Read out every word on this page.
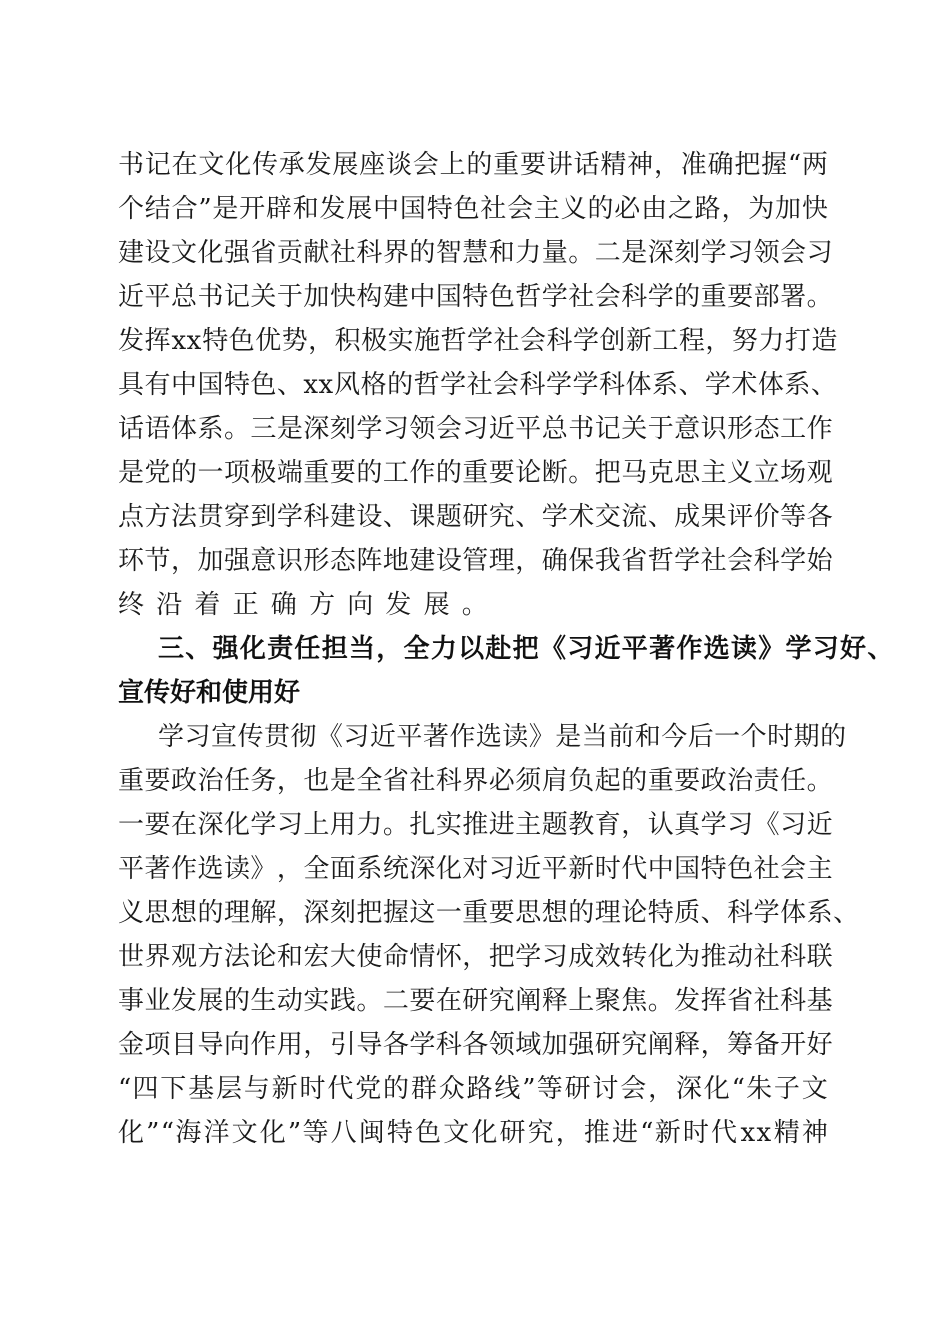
书​ 记​ 在​ 文​ 化​ 传​ 承​ 发​ 展​ 座​ 谈​ 会​ 上​ 的​ 重​ 要​ 讲​ 话​ 精​ 神​ ，​ 准​ 确​ 把​ 握​ “​ 两
个​ 结​ 合​ ”​ 是​ 开​ 辟​ 和​ 发​ 展​ 中​ 国​ 特​ 色​ 社​ 会​ 主​ 义​ 的​ 必​ 由​ 之​ 路​ ，​ 为​ 加​ 快
建​ 设​ 文​ 化​ 强​ 省​ 贡​ 献​ 社​ 科​ 界​ 的​ 智​ 慧​ 和​ 力​ 量​ 。​ 二​ 是​ 深​ 刻​ 学​ 习​ 领​ 会​ 习
近​ 平​ 总​ 书​ 记​ 关​ 于​ 加​ 快​ 构​ 建​ 中​ 国​ 特​ 色​ 哲​ 学​ 社​ 会​ 科​ 学​ 的​ 重​ 要​ 部​ 署​ 。
发​ 挥​ ​ x​ x​ ​ 特​ 色​ 优​ 势​ ，​ 积​ 极​ 实​ 施​ 哲​ 学​ 社​ 会​ 科​ 学​ 创​ 新​ 工​ 程​ ，​ 努​ 力​ 打​ 造
具​ 有​ 中​ 国​ 特​ 色​ 、​ x​ x​ ​ 风​ 格​ 的​ 哲​ 学​ 社​ 会​ 科​ 学​ 学​ 科​ 体​ 系​ 、​ 学​ 术​ 体​ 系​ 、
话​ 语​ 体​ 系​ 。​ 三​ 是​ 深​ 刻​ 学​ 习​ 领​ 会​ 习​ 近​ 平​ 总​ 书​ 记​ 关​ 于​ 意​ 识​ 形​ 态​ 工​ 作
是​ 党​ 的​ 一​ 项​ 极​ 端​ 重​ 要​ 的​ 工​ 作​ 的​ 重​ 要​ 论​ 断​ 。​ 把​ 马​ 克​ 思​ 主​ 义​ 立​ 场​ 观
点​ 方​ 法​ 贯​ 穿​ 到​ 学​ 科​ 建​ 设​ 、​ 课​ 题​ 研​ 究​ 、​ 学​ 术​ 交​ 流​ 、​ 成​ 果​ 评​ 价​ 等​ 各
环​ 节​ ，​ 加​ 强​ 意​ 识​ 形​ 态​ 阵​ 地​ 建​ 设​ 管​ 理​ ，​ 确​ 保​ 我​ 省​ 哲​ 学​ 社​ 会​ 科​ 学​ 始
终沿着正确方向发展。
三​ 、​ 强​ 化​ 责​ 任​ 担​ 当​ ，​ 全​ 力​ 以​ 赴​ 把​ 《​ 习​ 近​ 平​ 著​ 作​ 选​ 读​ 》​ 学​ 习​ 好​ 、
宣传好和使用好
学​ 习​ 宣​ 传​ 贯​ 彻​ 《​ 习​ 近​ 平​ 著​ 作​ 选​ 读​ 》​ 是​ 当​ 前​ 和​ 今​ 后​ 一​ 个​ 时​ 期​ 的
重​ 要​ 政​ 治​ 任​ 务​ ，​ 也​ 是​ 全​ 省​ 社​ 科​ 界​ 必​ 须​ 肩​ 负​ 起​ 的​ 重​ 要​ 政​ 治​ 责​ 任​ 。
一​ 要​ 在​ 深​ 化​ 学​ 习​ 上​ 用​ 力​ 。​ 扎​ 实​ 推​ 进​ 主​ 题​ 教​ 育​ ，​ 认​ 真​ 学​ 习​ 《​ 习​ 近
平​ 著​ 作​ 选​ 读​ 》​ ，​ 全​ 面​ 系​ 统​ 深​ 化​ 对​ 习​ 近​ 平​ 新​ 时​ 代​ 中​ 国​ 特​ 色​ 社​ 会​ 主
义​ 思​ 想​ 的​ 理​ 解​ ，​ 深​ 刻​ 把​ 握​ 这​ 一​ 重​ 要​ 思​ 想​ 的​ 理​ 论​ 特​ 质​ 、​ 科​ 学​ 体​ 系​ 、
世​ 界​ 观​ 方​ 法​ 论​ 和​ 宏​ 大​ 使​ 命​ 情​ 怀​ ，​ 把​ 学​ 习​ 成​ 效​ 转​ 化​ 为​ 推​ 动​ 社​ 科​ 联
事​ 业​ 发​ 展​ 的​ 生​ 动​ 实​ 践​ 。​ 二​ 要​ 在​ 研​ 究​ 阐​ 释​ 上​ 聚​ 焦​ 。​ 发​ 挥​ 省​ 社​ 科​ 基
金​ 项​ 目​ 导​ 向​ 作​ 用​ ，​ 引​ 导​ 各​ 学​ 科​ 各​ 领​ 域​ 加​ 强​ 研​ 究​ 阐​ 释​ ，​ 筹​ 备​ 开​ 好
“​ 四​ 下​ 基​ 层​ 与​ 新​ 时​ 代​ 党​ 的​ 群​ 众​ 路​ 线​ ”​ 等​ 研​ 讨​ 会​ ，​ 深​ 化​ “​ 朱​ 子​ 文
化​ ”​ “​ 海​ 洋​ 文​ 化​ ”​ 等​ 八​ 闽​ 特​ 色​ 文​ 化​ 研​ 究​ ，​ 推​ 进​ “​ 新​ 时​ 代​ ​ x​ x​ ​ 精​ 神
